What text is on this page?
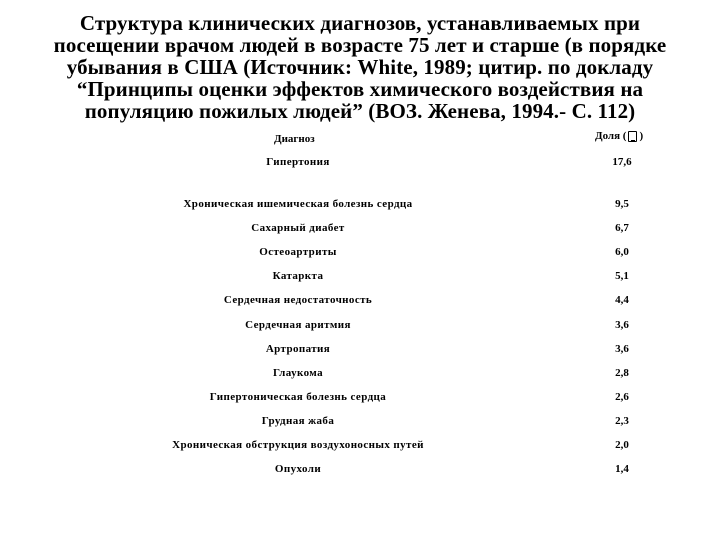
Структура клинических диагнозов, устанавливаемых при
посещении врачом людей в возрасте 75 лет и старше (в порядке
убывания в США (Источник: White, 1989; цитир. по докладу
“Принципы оценки эффектов химического воздействия на
популяцию пожилых людей” (ВОЗ. Женева, 1994.- С. 112)
Диагноз	Доля ( )
Гипертония	17,6
Хроническая ишемическая болезнь сердца	9,5
Сахарный диабет	6,7
Остеоартриты	6,0
Катаркта	5,1
Сердечная недостаточность	4,4
Сердечная аритмия	3,6
Артропатия	3,6
Глаукома	2,8
Гипертоническая болезнь сердца	2,6
Грудная жаба	2,3
Хроническая обструкция воздухоносных путей	2,0
Опухоли	1,4
